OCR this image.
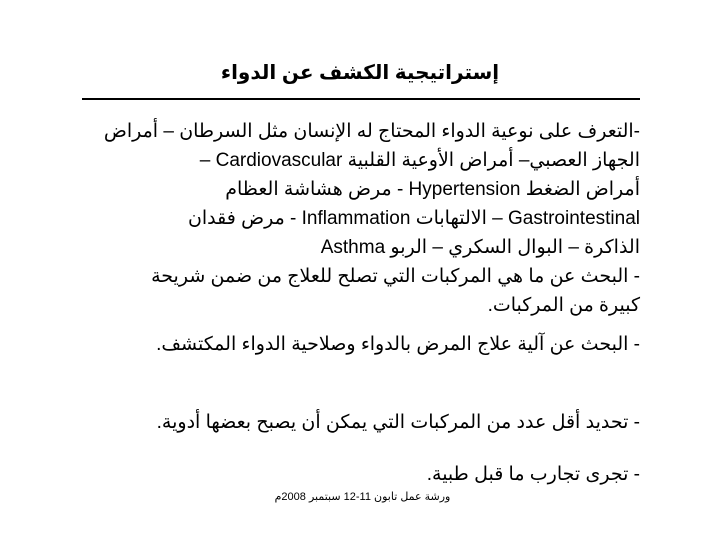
إستراتيجية الكشف عن الدواء
-التعرف على نوعية الدواء المحتاج له الإنسان مثل السرطان – أمراض
الجهاز العصبي– أمراض الأوعية القلبية Cardiovascular –
أمراض الضغط Hypertension - مرض هشاشة العظام
Gastrointestinal – الالتهابات Inflammation - مرض فقدان
الذاكرة – البوال السكري – الربو Asthma
- البحث عن ما هي المركبات التي تصلح للعلاج من ضمن شريحة
كبيرة من المركبات.
- البحث عن آلية علاج المرض بالدواء وصلاحية الدواء المكتشف.
- تحديد أقل عدد من المركبات التي يمكن أن يصبح بعضها أدوية.
- تجرى تجارب ما قبل طبية.
ورشة عمل تابون 11-12 سبتمبر 2008م
